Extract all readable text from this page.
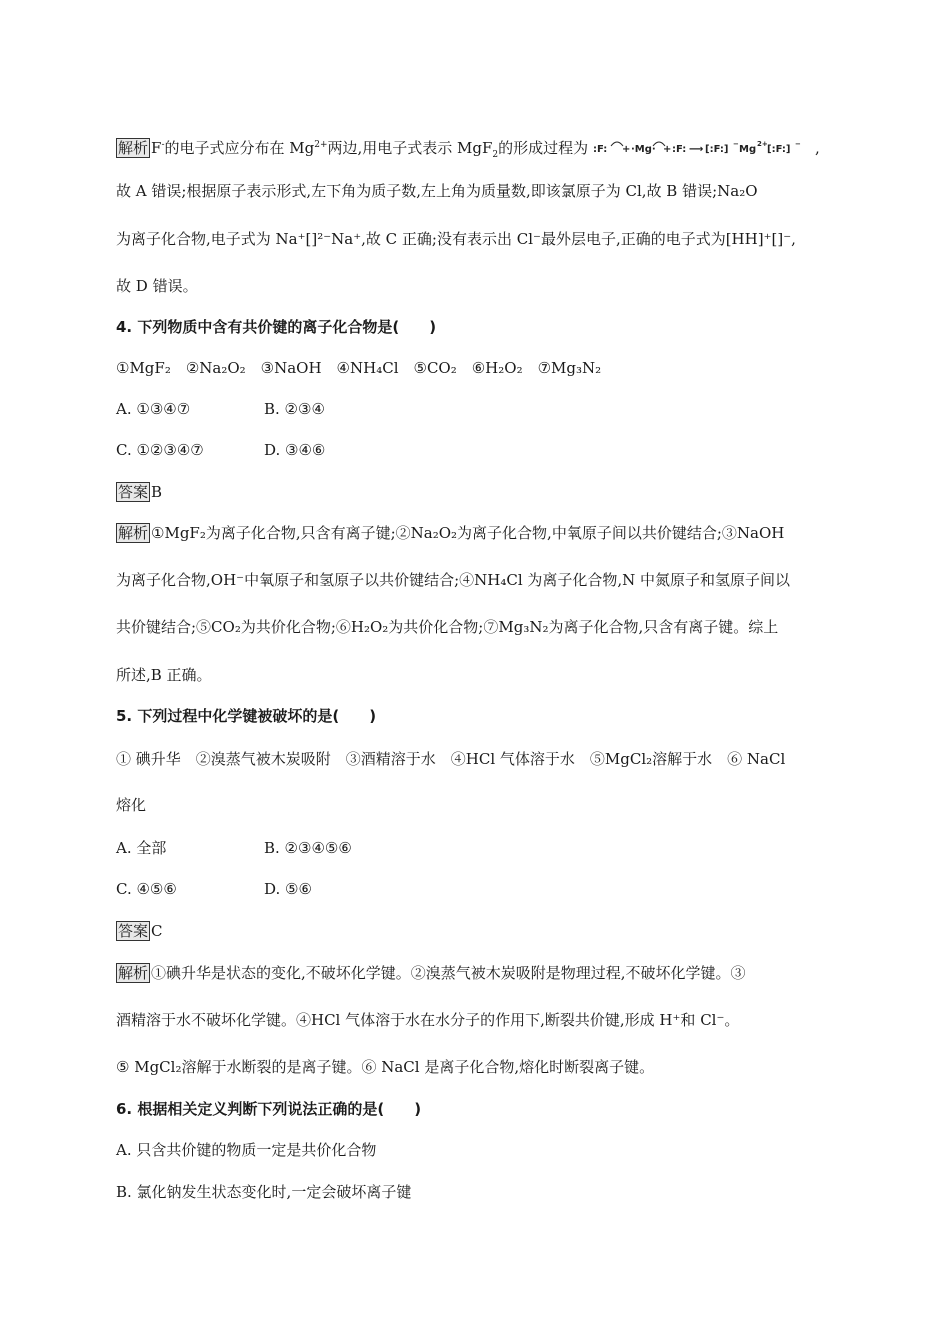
解析 F-的电子式应分布在 $Mg^{2+}$两边,用电子式表示 MgF$_2$的形成过程为 :F: + ·Mg· + :F: ⟶ [:F:] − Mg 2+ [:F:] − ,
故 A 错误;根据原子表示形式,左下角为质子数,左上角为质量数,即该氯原子为 Cl,故 B 错误;Na₂O
为离子化合物,电子式为 Na⁺[]²⁻Na⁺,故 C 正确;没有表示出 Cl⁻最外层电子,正确的电子式为[HH]⁺[]⁻,
故 D 错误。
4. 下列物质中含有共价键的离子化合物是(　　)
①MgF₂　②Na₂O₂　③NaOH　④NH₄Cl　⑤CO₂　⑥H₂O₂　⑦Mg₃N₂
A. ①③④⑦	B. ②③④
C. ①②③④⑦	D. ③④⑥
答案 B
解析 ①MgF₂为离子化合物,只含有离子键;②Na₂O₂为离子化合物,中氧原子间以共价键结合;③NaOH
为离子化合物,OH⁻中氧原子和氢原子以共价键结合;④NH₄Cl 为离子化合物,N 中氮原子和氢原子间以
共价键结合;⑤CO₂为共价化合物;⑥H₂O₂为共价化合物;⑦Mg₃N₂为离子化合物,只含有离子键。综上
所述,B 正确。
5. 下列过程中化学键被破坏的是(　　)
① 碘升华　②溴蒸气被木炭吸附　③酒精溶于水　④HCl 气体溶于水　⑤MgCl₂溶解于水　⑥ NaCl
熔化
A. 全部	B. ②③④⑤⑥
C. ④⑤⑥	D. ⑤⑥
答案 C
解析 ①碘升华是状态的变化,不破坏化学键。②溴蒸气被木炭吸附是物理过程,不破坏化学键。③
酒精溶于水不破坏化学键。④HCl 气体溶于水在水分子的作用下,断裂共价键,形成 H⁺和 Cl⁻。
⑤ MgCl₂溶解于水断裂的是离子键。⑥ NaCl 是离子化合物,熔化时断裂离子键。
6. 根据相关定义判断下列说法正确的是(　　)
A. 只含共价键的物质一定是共价化合物
B. 氯化钠发生状态变化时,一定会破坏离子键
